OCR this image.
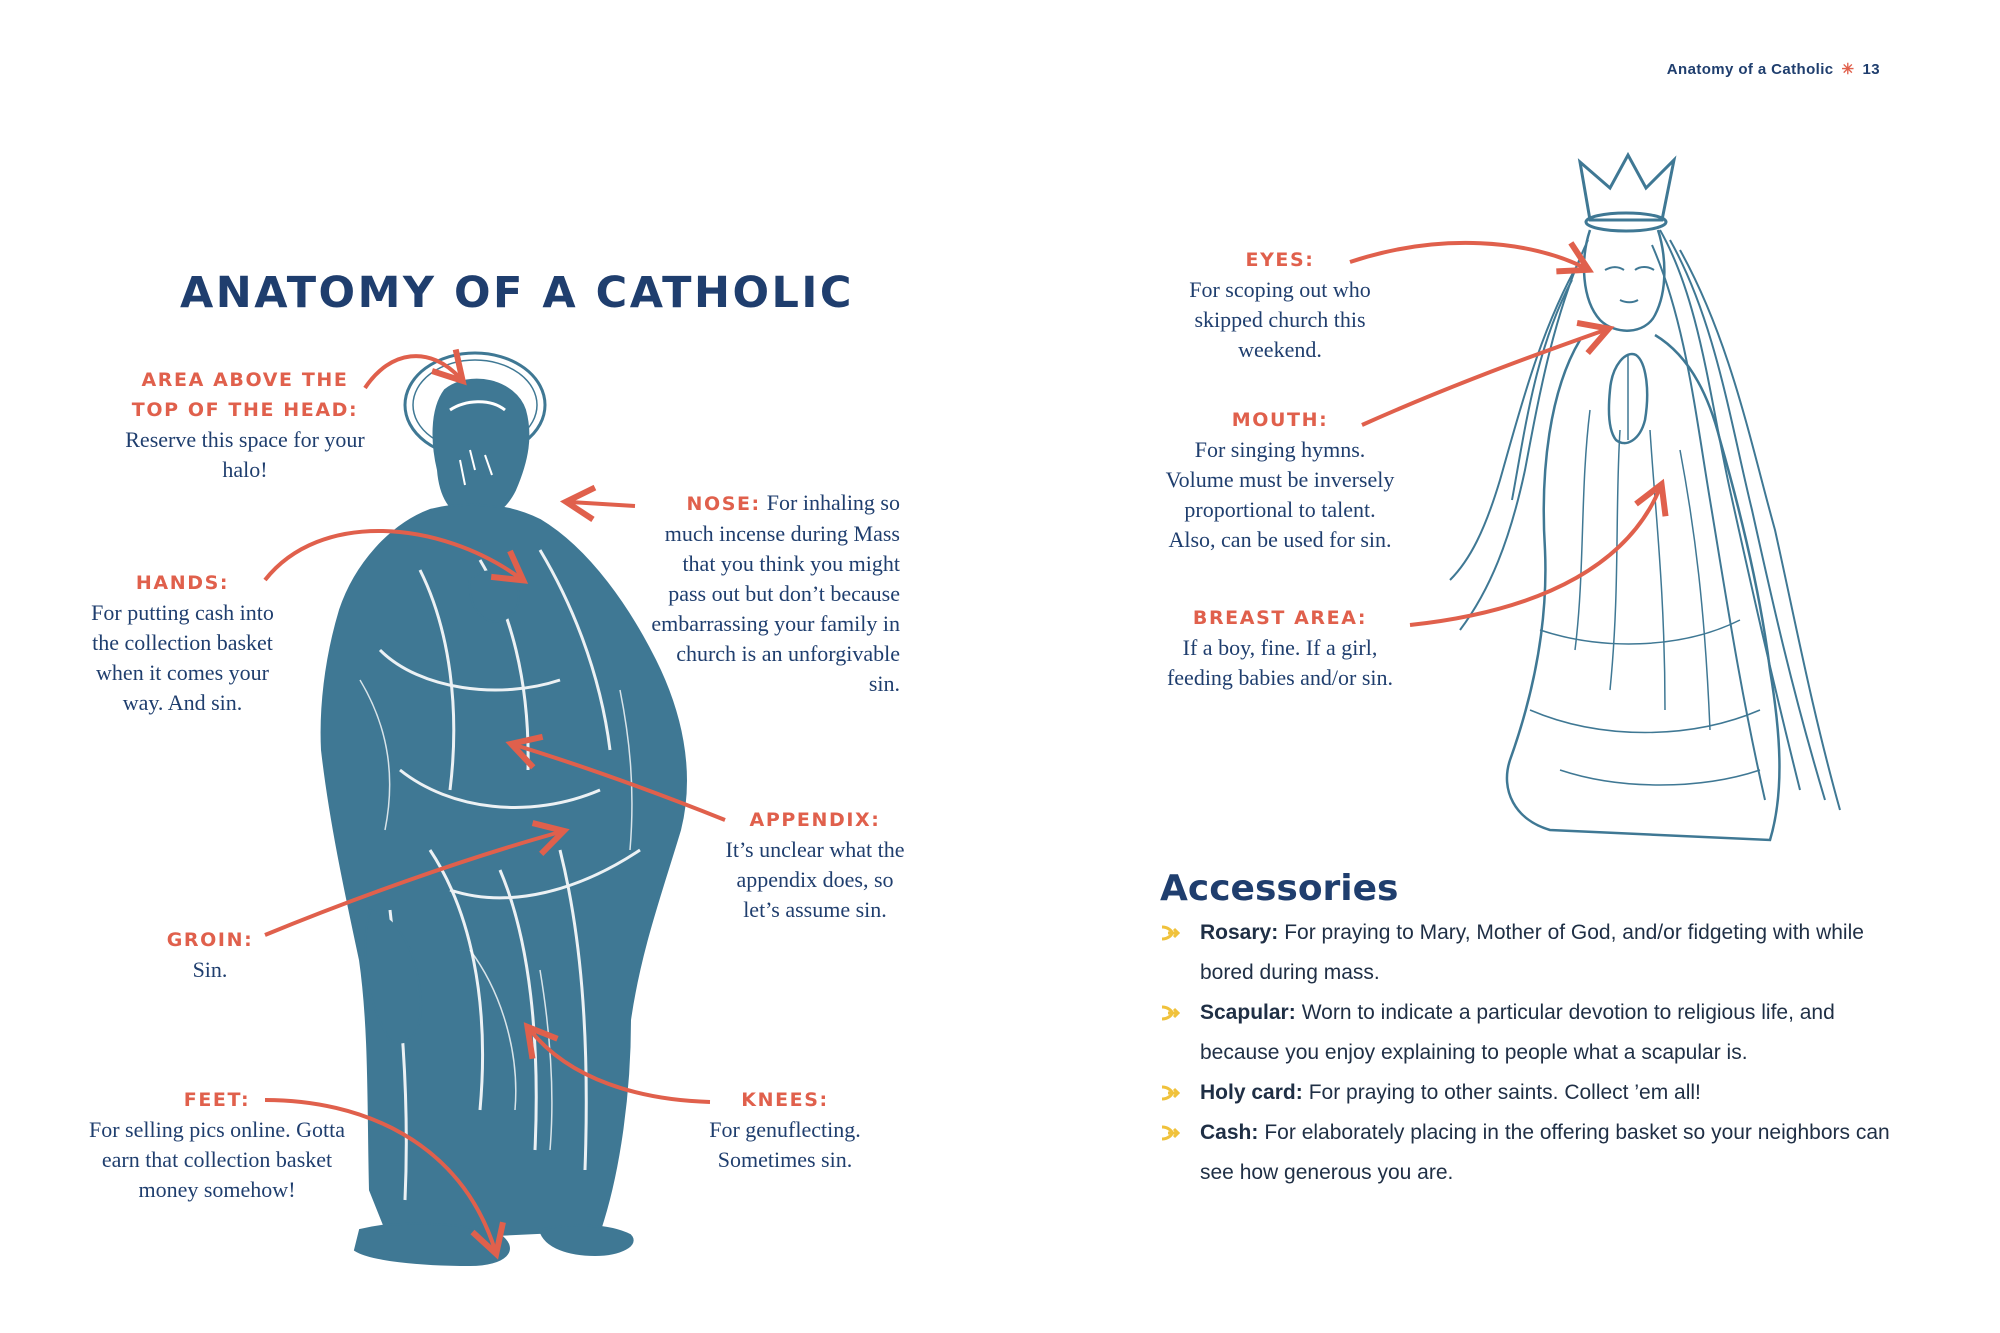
Anatomy of a Catholic ✳ 13
ANATOMY OF A CATHOLIC
AREA ABOVE THE TOP OF THE HEAD:
Reserve this space for your halo!
NOSE: For inhaling so much incense during Mass that you think you might pass out but don’t because embarrassing your family in church is an unforgivable sin.
HANDS:
For putting cash into the collection basket when it comes your way. And sin.
APPENDIX:
It’s unclear what the appendix does, so let’s assume sin.
GROIN:
Sin.
FEET:
For selling pics online. Gotta earn that collection basket money somehow!
KNEES:
For genuflecting. Sometimes sin.
EYES:
For scoping out who skipped church this weekend.
MOUTH:
For singing hymns. Volume must be inversely proportional to talent. Also, can be used for sin.
BREAST AREA:
If a boy, fine. If a girl, feeding babies and/or sin.
Accessories
Rosary: For praying to Mary, Mother of God, and/or fidgeting with while bored during mass.
Scapular: Worn to indicate a particular devotion to religious life, and because you enjoy explaining to people what a scapular is.
Holy card: For praying to other saints. Collect ’em all!
Cash: For elaborately placing in the offering basket so your neighbors can see how generous you are.
